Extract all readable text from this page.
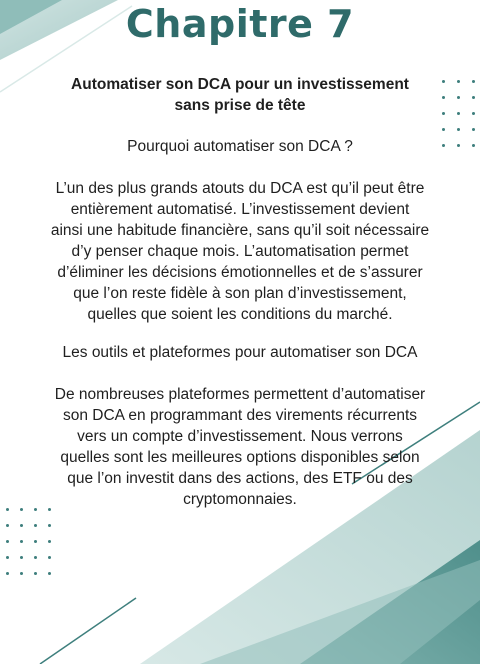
Chapitre 7
Automatiser son DCA pour un investissement
sans prise de tête
Pourquoi automatiser son DCA ?
L’un des plus grands atouts du DCA est qu’il peut être
entièrement automatisé. L’investissement devient
ainsi une habitude financière, sans qu’il soit nécessaire
d’y penser chaque mois. L’automatisation permet
d’éliminer les décisions émotionnelles et de s’assurer
que l’on reste fidèle à son plan d’investissement,
quelles que soient les conditions du marché.
Les outils et plateformes pour automatiser son DCA
De nombreuses plateformes permettent d’automatiser
son DCA en programmant des virements récurrents
vers un compte d’investissement. Nous verrons
quelles sont les meilleures options disponibles selon
que l’on investit dans des actions, des ETF ou des
cryptomonnaies.
